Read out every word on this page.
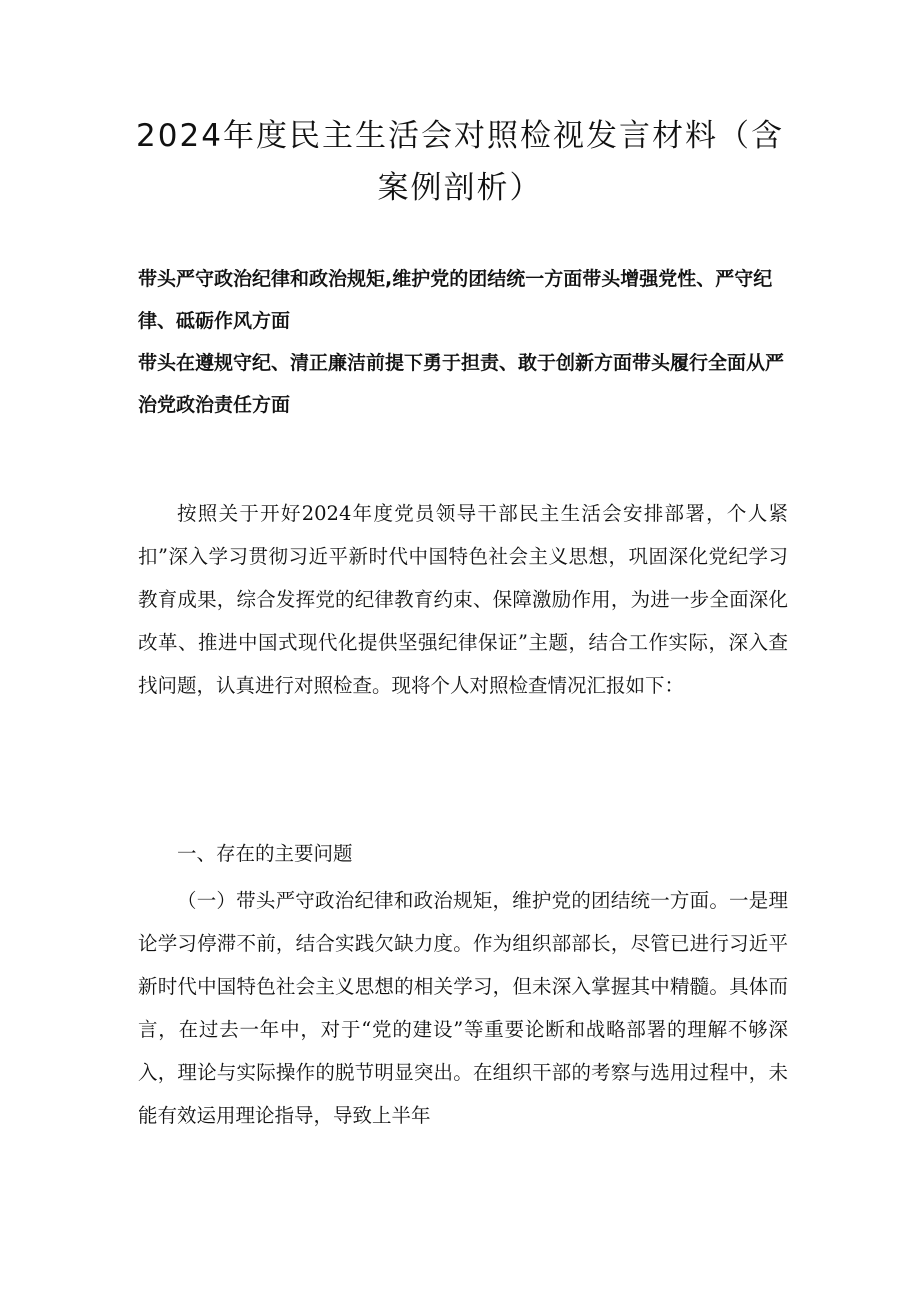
2024年度民主生活会对照检视发言材料（含案例剖析）

带头严守政治纪律和政治规矩,维护党的团结统一方面带头增强党性、严守纪律、砥砺作风方面

带头在遵规守纪、清正廉洁前提下勇于担责、敢于创新方面带头履行全面从严治党政治责任方面

按照关于开好2024年度党员领导干部民主生活会安排部署，个人紧扣”深入学习贯彻习近平新时代中国特色社会主义思想，巩固深化党纪学习教育成果，综合发挥党的纪律教育约束、保障激励作用，为进一步全面深化改革、推进中国式现代化提供坚强纪律保证”主题，结合工作实际，深入查找问题，认真进行对照检查。现将个人对照检查情况汇报如下：

一、存在的主要问题

（一）带头严守政治纪律和政治规矩，维护党的团结统一方面。一是理论学习停滞不前，结合实践欠缺力度。作为组织部部长，尽管已进行习近平新时代中国特色社会主义思想的相关学习，但未深入掌握其中精髓。具体而言，在过去一年中，对于“党的建设”等重要论断和战略部署的理解不够深入，理论与实际操作的脱节明显突出。在组织干部的考察与选用过程中，未能有效运用理论指导，导致上半年
